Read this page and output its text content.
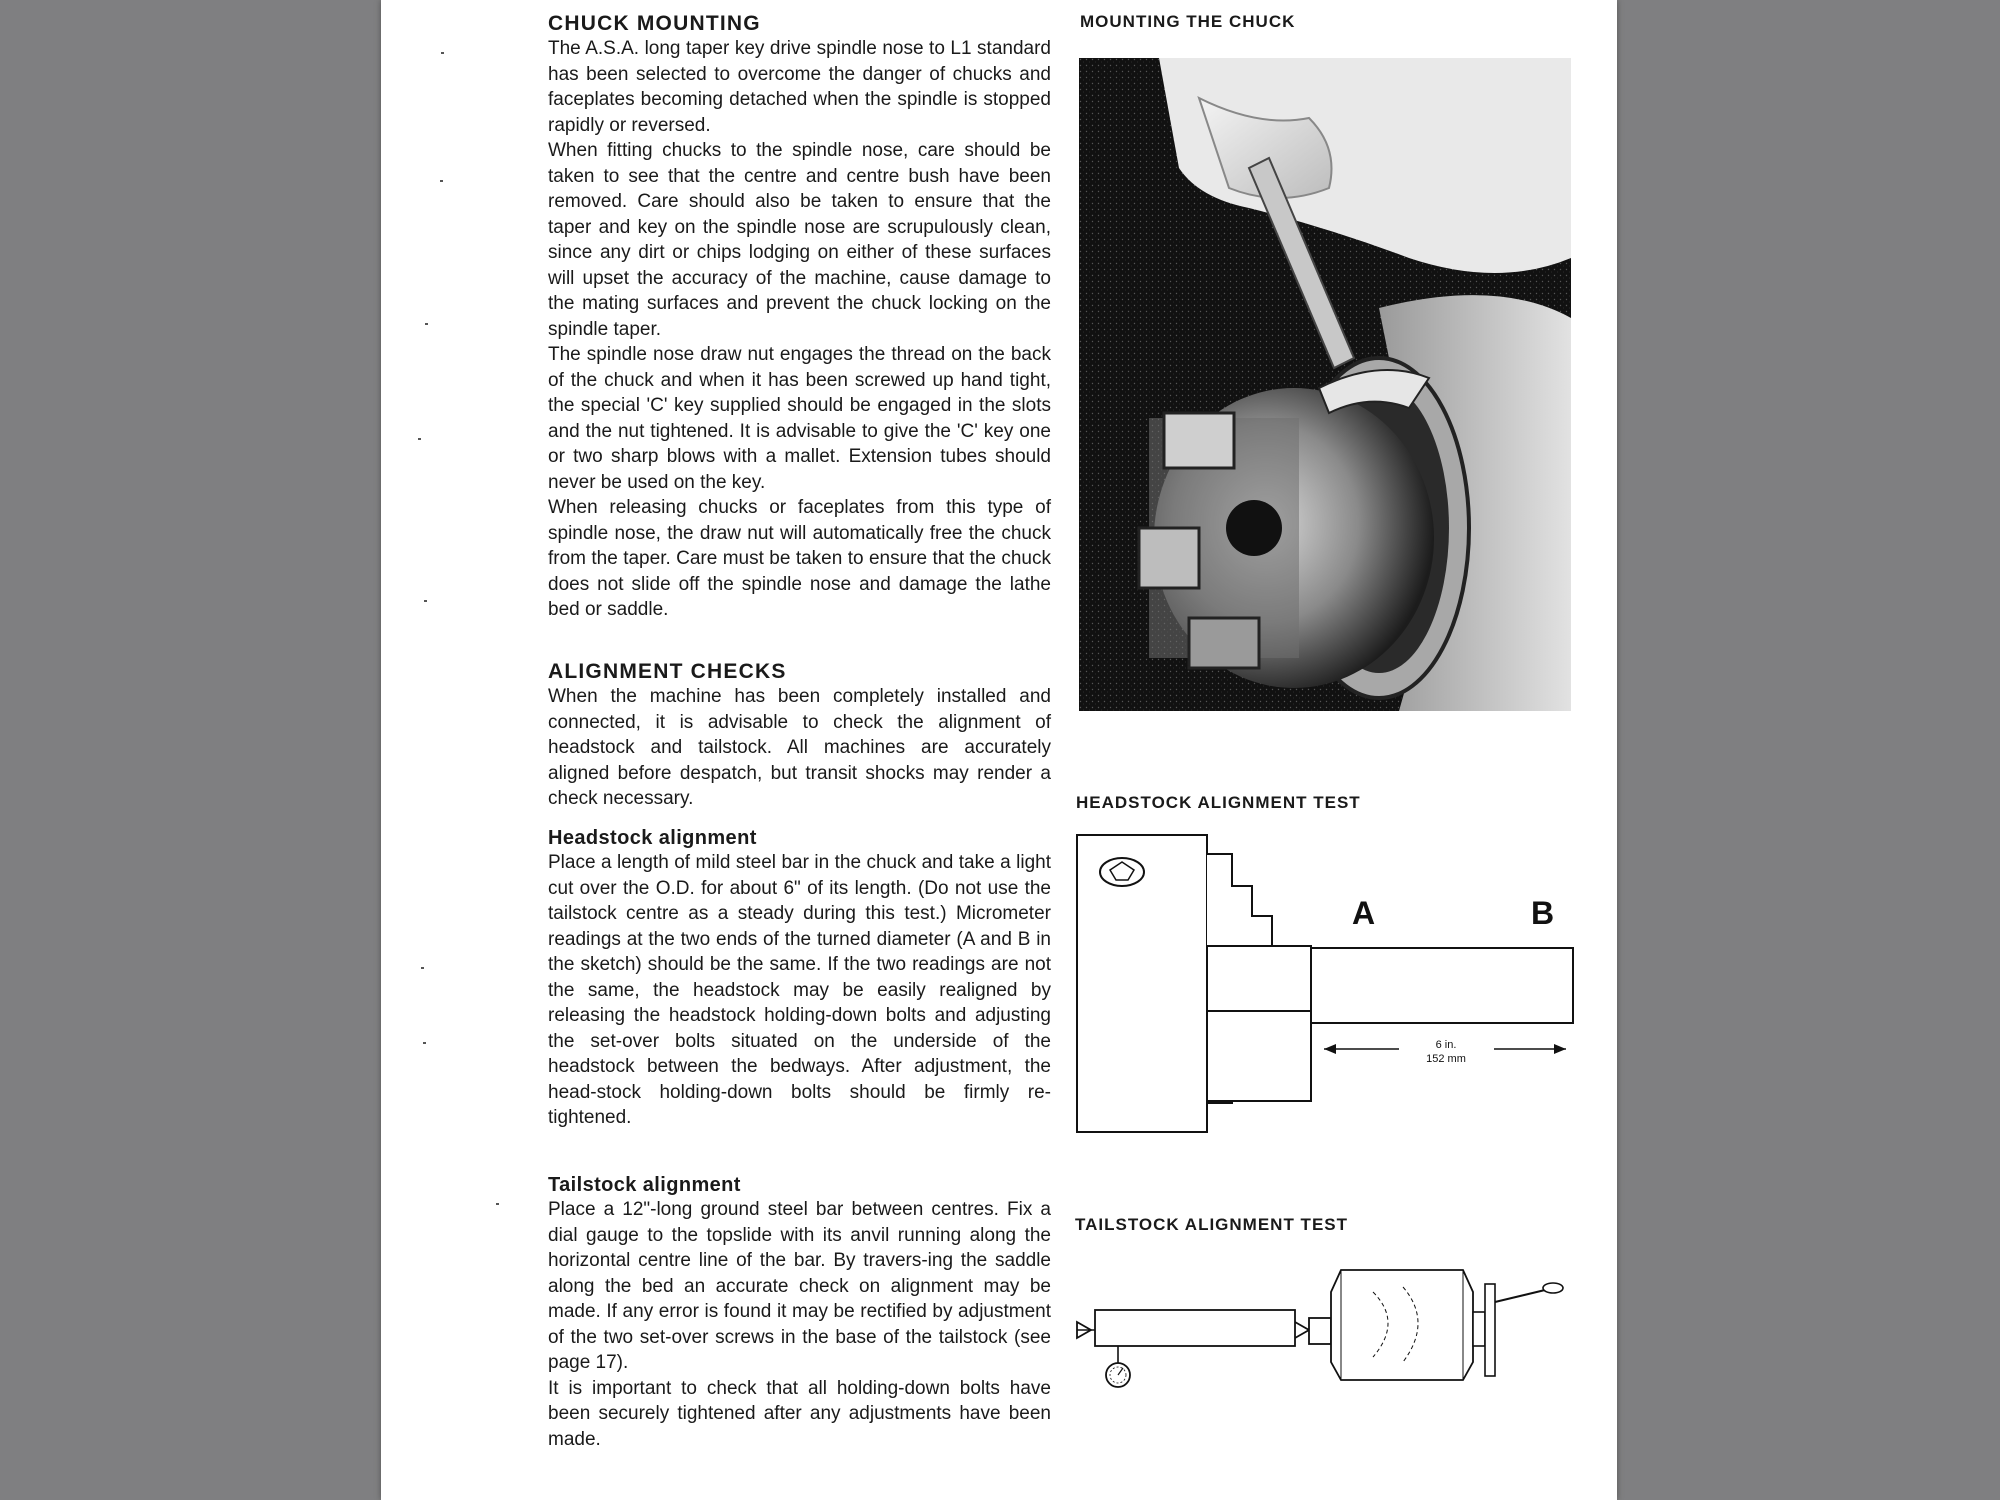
CHUCK MOUNTING

The A.S.A. long taper key drive spindle nose to L1 standard has been selected to overcome the danger of chucks and faceplates becoming detached when the spindle is stopped rapidly or reversed.

When fitting chucks to the spindle nose, care should be taken to see that the centre and centre bush have been removed. Care should also be taken to ensure that the taper and key on the spindle nose are scrupulously clean, since any dirt or chips lodging on either of these surfaces will upset the accuracy of the machine, cause damage to the mating surfaces and prevent the chuck locking on the spindle taper.

The spindle nose draw nut engages the thread on the back of the chuck and when it has been screwed up hand tight, the special 'C' key supplied should be engaged in the slots and the nut tightened. It is advisable to give the 'C' key one or two sharp blows with a mallet. Extension tubes should never be used on the key.

When releasing chucks or faceplates from this type of spindle nose, the draw nut will automatically free the chuck from the taper. Care must be taken to ensure that the chuck does not slide off the spindle nose and damage the lathe bed or saddle.

ALIGNMENT CHECKS

When the machine has been completely installed and connected, it is advisable to check the alignment of headstock and tailstock. All machines are accurately aligned before despatch, but transit shocks may render a check necessary.

Headstock alignment

Place a length of mild steel bar in the chuck and take a light cut over the O.D. for about 6" of its length. (Do not use the tailstock centre as a steady during this test.) Micrometer readings at the two ends of the turned diameter (A and B in the sketch) should be the same. If the two readings are not the same, the headstock may be easily realigned by releasing the headstock holding-down bolts and adjusting the set-over bolts situated on the underside of the headstock between the bedways. After adjustment, the head-stock holding-down bolts should be firmly re-tightened.

Tailstock alignment

Place a 12"-long ground steel bar between centres. Fix a dial gauge to the topslide with its anvil running along the horizontal centre line of the bar. By travers-ing the saddle along the bed an accurate check on alignment may be made. If any error is found it may be rectified by adjustment of the two set-over screws in the base of the tailstock (see page 17).

It is important to check that all holding-down bolts have been securely tightened after any adjustments have been made.

MOUNTING THE CHUCK
HEADSTOCK ALIGNMENT TEST
A	B
6 in.
152 mm
TAILSTOCK ALIGNMENT TEST
